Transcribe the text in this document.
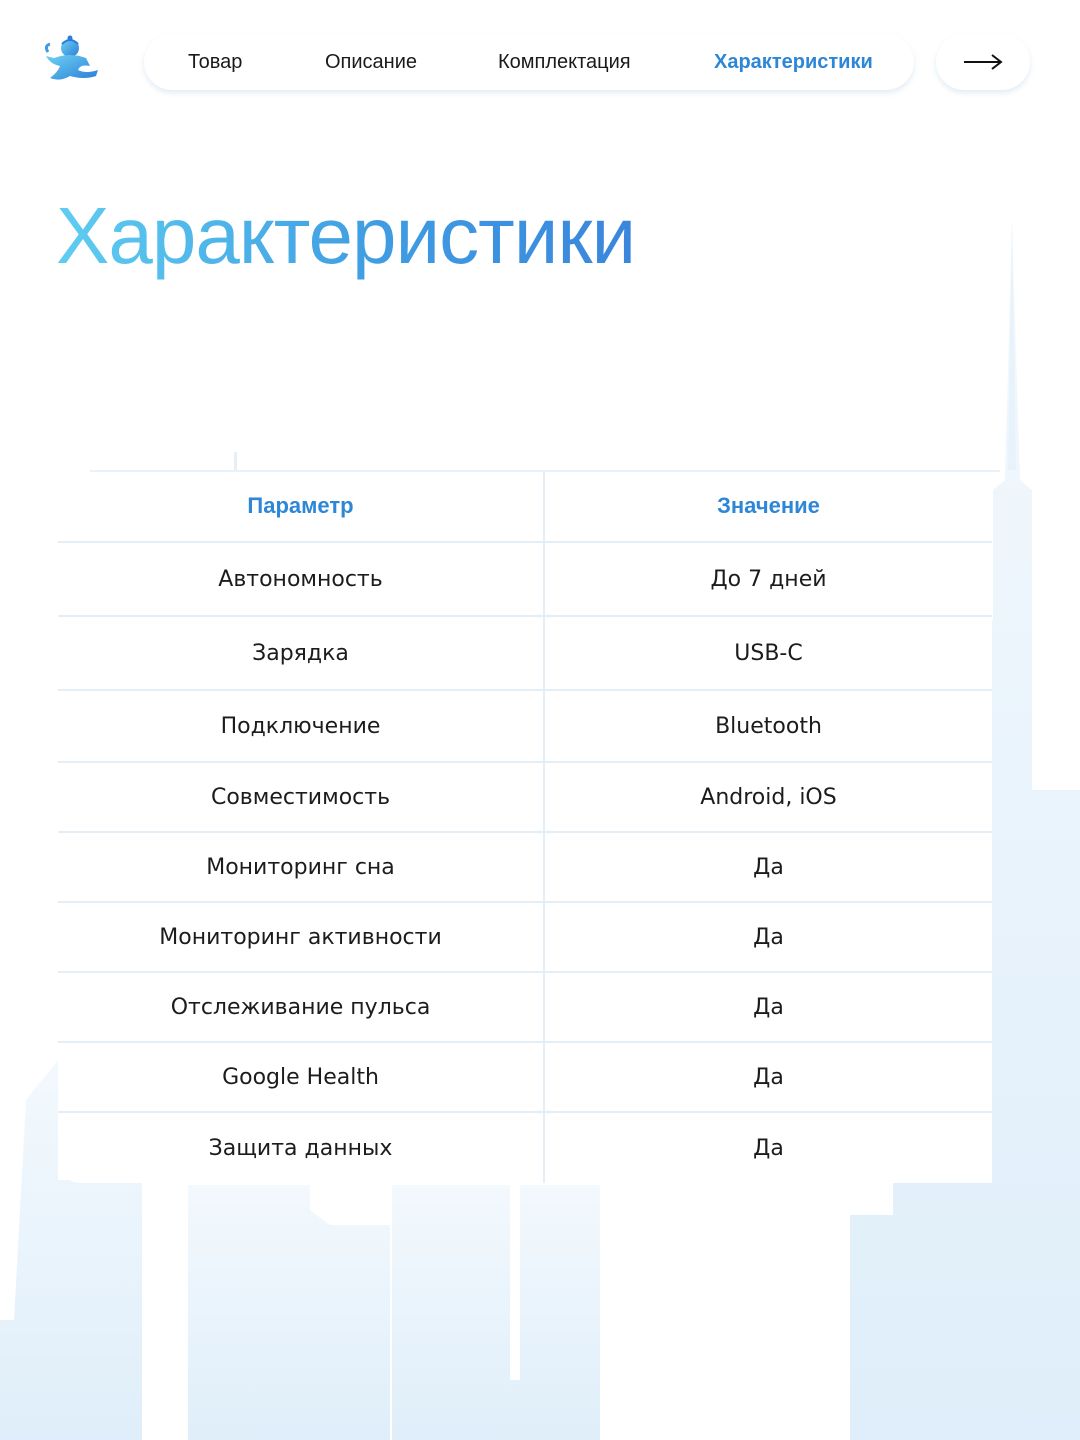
Товар	Описание	Комплектация	Характеристики
Характеристики
Параметр	Значение
Автономность	До 7 дней
Зарядка	USB-C
Подключение	Bluetooth
Совместимость	Android, iOS
Мониторинг сна	Да
Мониторинг активности	Да
Отслеживание пульса	Да
Google Health	Да
Защита данных	Да
